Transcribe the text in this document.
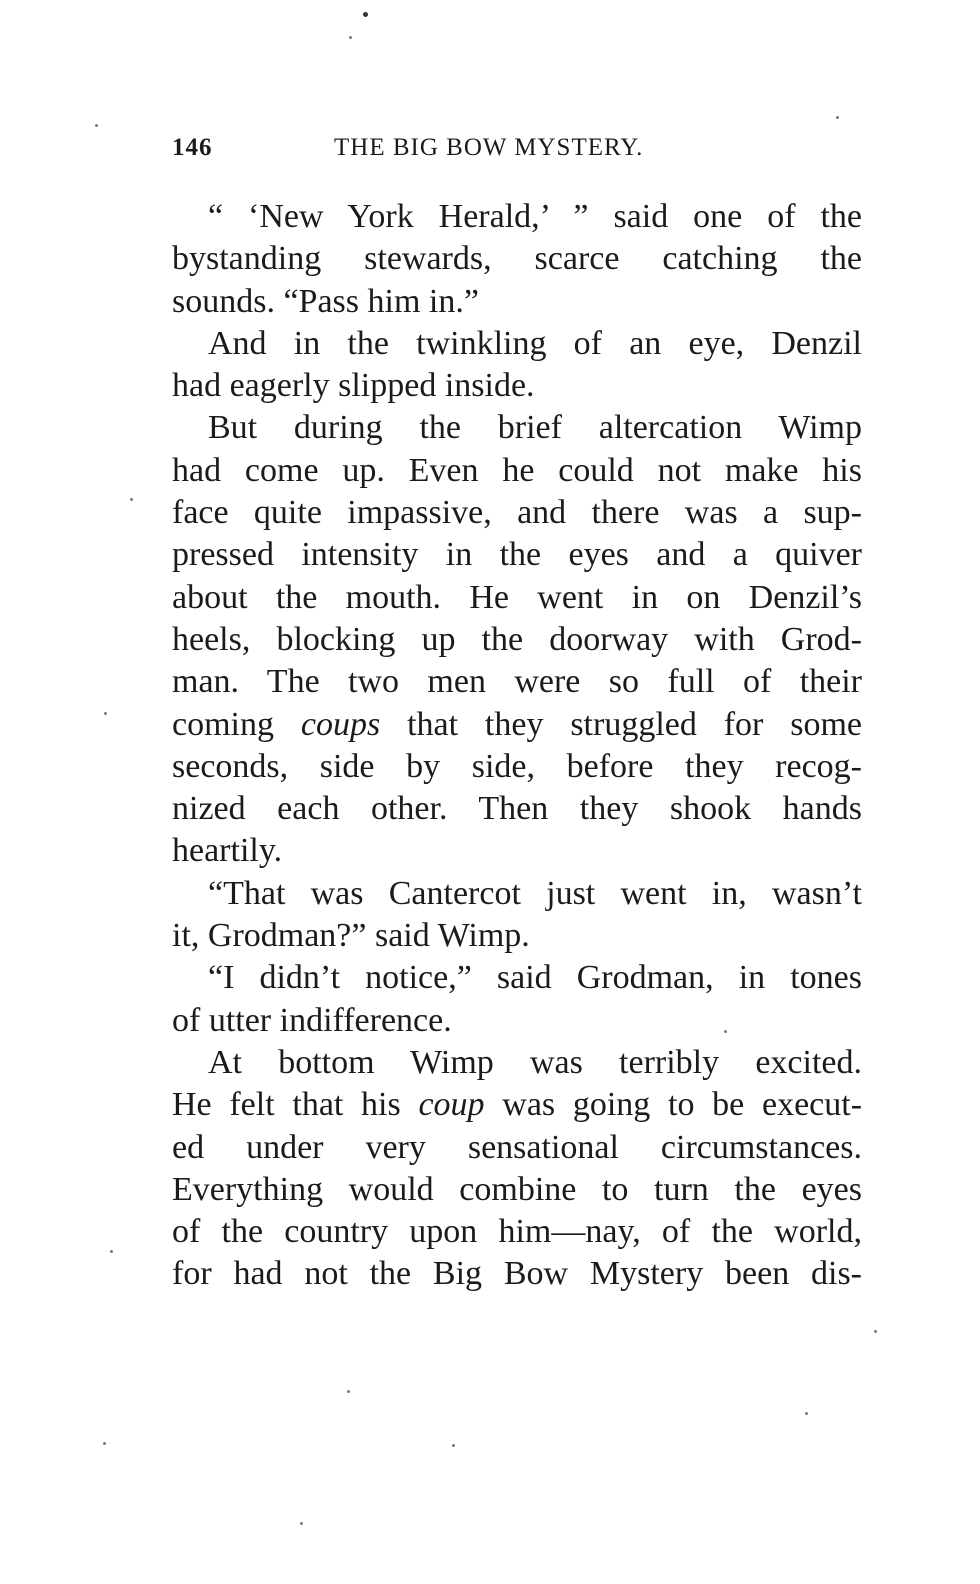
146	THE BIG BOW MYSTERY.
“ ‘New York Herald,’ ” said one of the
bystanding stewards, scarce catching the
sounds. “Pass him in.”
And in the twinkling of an eye, Denzil
had eagerly slipped inside.
But during the brief altercation Wimp
had come up. Even he could not make his
face quite impassive, and there was a sup-
pressed intensity in the eyes and a quiver
about the mouth. He went in on Denzil’s
heels, blocking up the doorway with Grod-
man. The two men were so full of their
coming coups that they struggled for some
seconds, side by side, before they recog-
nized each other. Then they shook hands
heartily.
“That was Cantercot just went in, wasn’t
it, Grodman?” said Wimp.
“I didn’t notice,” said Grodman, in tones
of utter indifference.
At bottom Wimp was terribly excited.
He felt that his coup was going to be execut-
ed under very sensational circumstances.
Everything would combine to turn the eyes
of the country upon him—nay, of the world,
for had not the Big Bow Mystery been dis-
